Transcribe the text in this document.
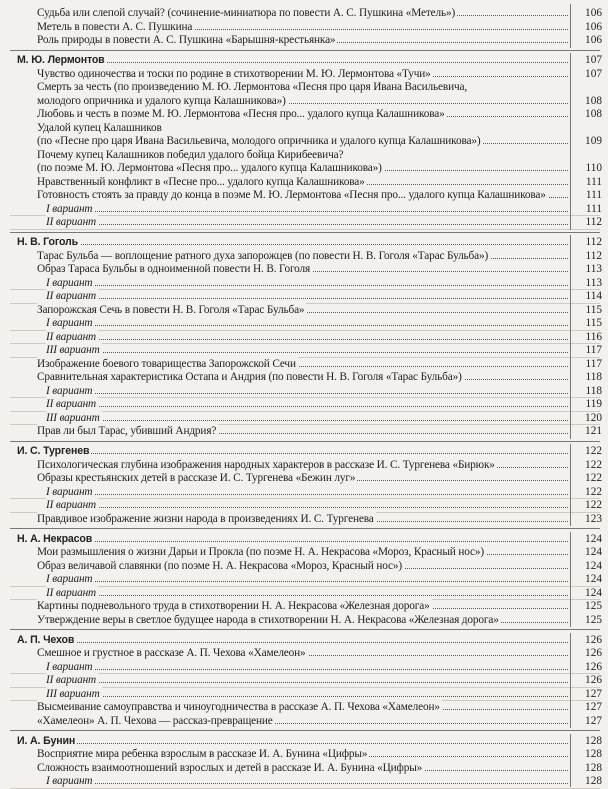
Судьба или слепой случай? (сочинение-миниатюра по повести А. С. Пушкина «Метель»)	106
Метель в повести А. С. Пушкина	106
Роль природы в повести А. С. Пушкина «Барышня-крестьянка»	106
М. Ю. Лермонтов	107
Чувство одиночества и тоски по родине в стихотворении М. Ю. Лермонтова «Тучи»	107
Смерть за честь (по произведению М. Ю. Лермонтова «Песня про царя Ивана Васильевича,
молодого опричника и удалого купца Калашникова»)	108
Любовь и честь в поэме М. Ю. Лермонтова «Песня про... удалого купца Калашникова»	108
Удалой купец Калашников
(по «Песне про царя Ивана Васильевича, молодого опричника и удалого купца Калашникова»)	109
Почему купец Калашников победил удалого бойца Кирибеевича?
(по поэме М. Ю. Лермонтова «Песня про... удалого купца Калашникова»)	110
Нравственный конфликт в «Песне про... удалого купца Калашникова»	111
Готовность стоять за правду до конца в поэме М. Ю. Лермонтова «Песня про... удалого купца Калашникова»	111
I вариант	111
II вариант	112
Н. В. Гоголь	112
Тарас Бульба — воплощение ратного духа запорожцев (по повести Н. В. Гоголя «Тарас Бульба»)	112
Образ Тараса Бульбы в одноименной повести Н. В. Гоголя	113
I вариант	113
II вариант	114
Запорожская Сечь в повести Н. В. Гоголя «Тарас Бульба»	115
I вариант	115
II вариант	116
III вариант	117
Изображение боевого товарищества Запорожской Сечи	117
Сравнительная характеристика Остапа и Андрия (по повести Н. В. Гоголя «Тарас Бульба»)	118
I вариант	118
II вариант	119
III вариант	120
Прав ли был Тарас, убивший Андрия?	121
И. С. Тургенев	122
Психологическая глубина изображения народных характеров в рассказе И. С. Тургенева «Бирюк»	122
Образы крестьянских детей в рассказе И. С. Тургенева «Бежин луг»	122
I вариант	122
II вариант	122
Правдивое изображение жизни народа в произведениях И. С. Тургенева	123
Н. А. Некрасов	124
Мои размышления о жизни Дарьи и Прокла (по поэме Н. А. Некрасова «Мороз, Красный нос»)	124
Образ величавой славянки (по поэме Н. А. Некрасова «Мороз, Красный нос»)	124
I вариант	124
II вариант	124
Картины подневольного труда в стихотворении Н. А. Некрасова «Железная дорога»	125
Утверждение веры в светлое будущее народа в стихотворении Н. А. Некрасова «Железная дорога»	125
А. П. Чехов	126
Смешное и грустное в рассказе А. П. Чехова «Хамелеон»	126
I вариант	126
II вариант	126
III вариант	127
Высмеивание самоуправства и чиноугодничества в рассказе А. П. Чехова «Хамелеон»	127
«Хамелеон» А. П. Чехова — рассказ-превращение	127
И. А. Бунин	128
Восприятие мира ребенка взрослым в рассказе И. А. Бунина «Цифры»	128
Сложность взаимоотношений взрослых и детей в рассказе И. А. Бунина «Цифры»	128
I вариант	128
